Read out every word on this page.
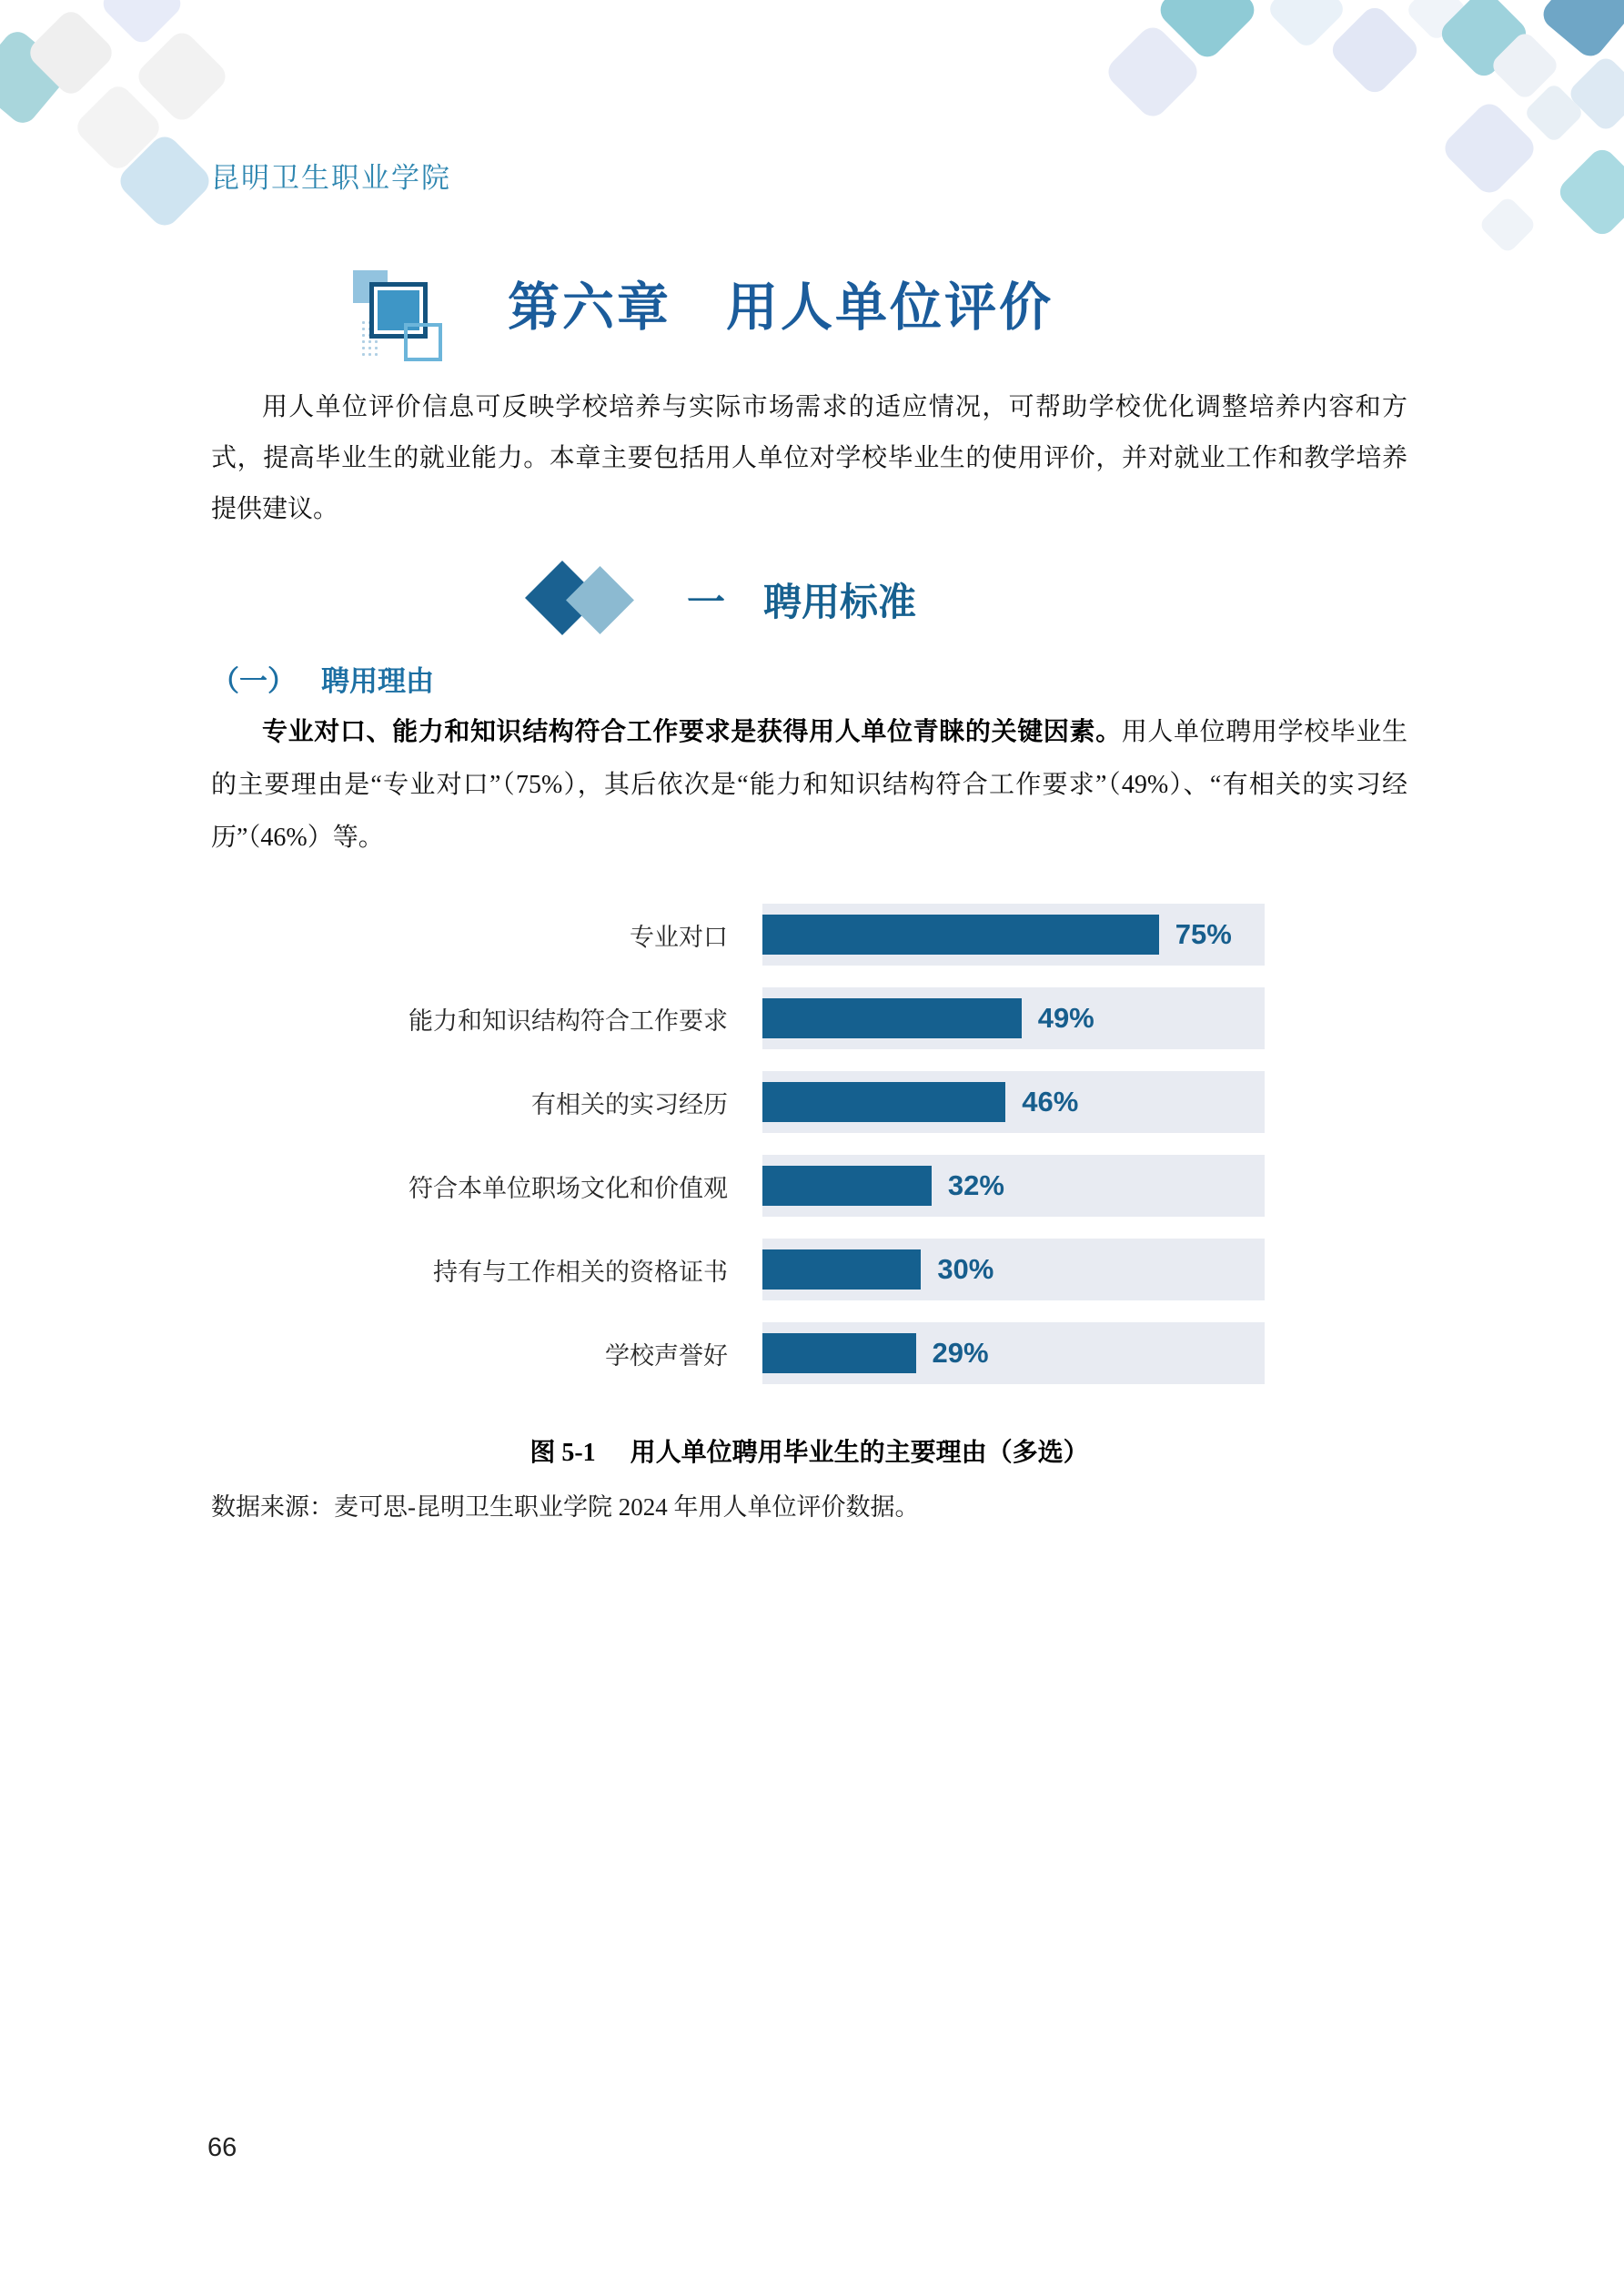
昆明卫生职业学院
第六章　用人单位评价

用人单位评价信息可反映学校培养与实际市场需求的适应情况，可帮助学校优化调整培养内容和方式，提高毕业生的就业能力。本章主要包括用人单位对学校毕业生的使用评价，并对就业工作和教学培养提供建议。

一　聘用标准
（一） 聘用理由

专业对口、能力和知识结构符合工作要求是获得用人单位青睐的关键因素。用人单位聘用学校毕业生的主要理由是“专业对口”（75%），其后依次是“能力和知识结构符合工作要求”（49%）、“有相关的实习经历”（46%）等。

专业对口	75%
能力和知识结构符合工作要求	49%
有相关的实习经历	46%
符合本单位职场文化和价值观	32%
持有与工作相关的资格证书	30%
学校声誉好	29%
图 5-1 用人单位聘用毕业生的主要理由（多选）
数据来源：麦可思-昆明卫生职业学院 2024 年用人单位评价数据。
66
